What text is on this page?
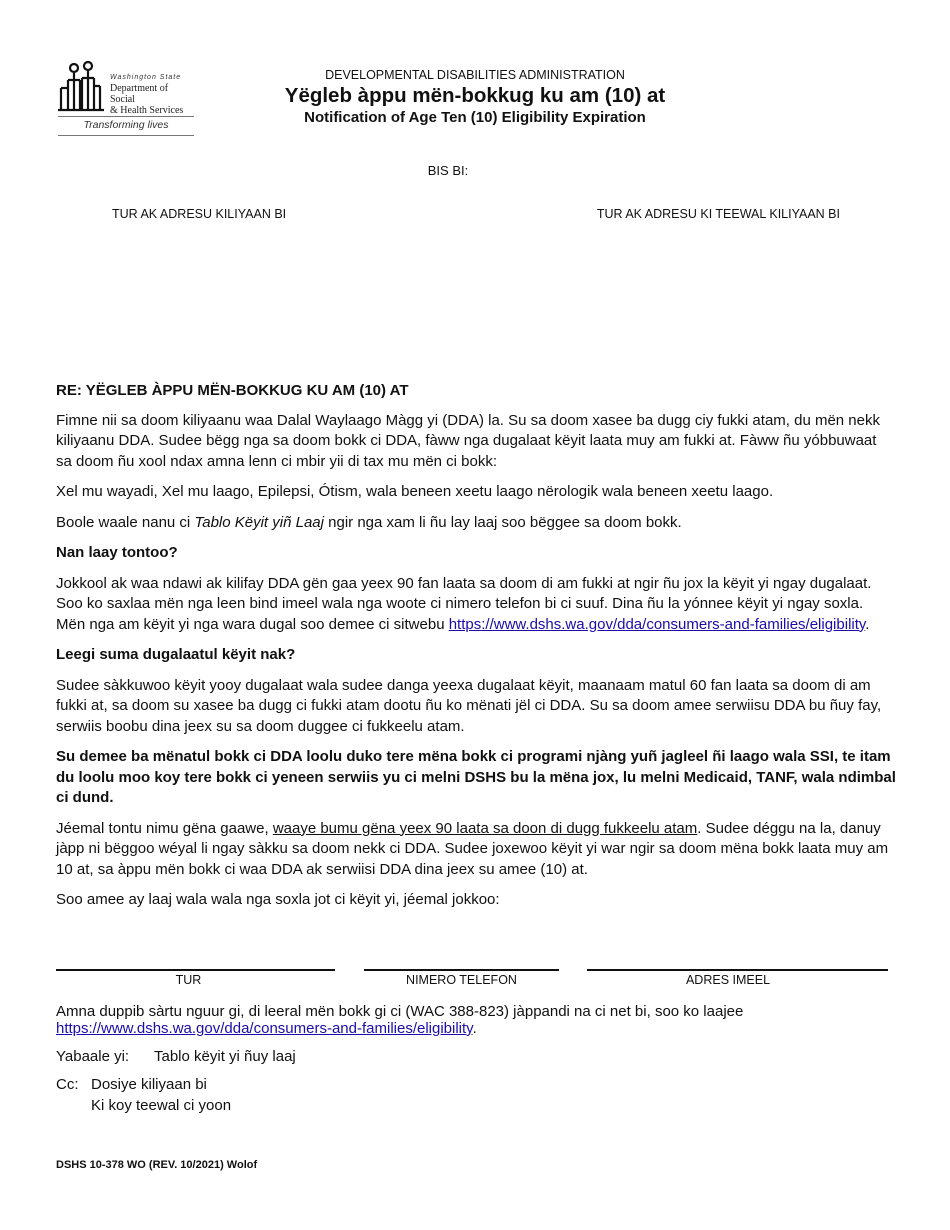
Washington State
Department of Social
& Health Services
Transforming lives
DEVELOPMENTAL DISABILITIES ADMINISTRATION
Yëgleb àppu mën-bokkug ku am (10) at
Notification of Age Ten (10) Eligibility Expiration
BIS BI:
TUR AK ADRESU KILIYAAN BI	TUR AK ADRESU KI TEEWAL KILIYAAN BI

RE: YËGLEB ÀPPU MËN-BOKKUG KU AM (10) AT

Fimne nii sa doom kiliyaanu waa Dalal Waylaago Màgg yi (DDA) la. Su sa doom xasee ba dugg ciy fukki atam, du mën nekk kiliyaanu DDA. Sudee bëgg nga sa doom bokk ci DDA, fàww nga dugalaat këyit laata muy am fukki at. Fàww ñu yóbbuwaat sa doom ñu xool ndax amna lenn ci mbir yii di tax mu mën ci bokk:

Xel mu wayadi, Xel mu laago, Epilepsi, Ótism, wala beneen xeetu laago nërologik wala beneen xeetu laago.

Boole waale nanu ci Tablo Këyit yiñ Laaj ngir nga xam li ñu lay laaj soo bëggee sa doom bokk.

Nan laay tontoo?

Jokkool ak waa ndawi ak kilifay DDA gën gaa yeex 90 fan laata sa doom di am fukki at ngir ñu jox la këyit yi ngay dugalaat. Soo ko saxlaa mën nga leen bind imeel wala nga woote ci nimero telefon bi ci suuf. Dina ñu la yónnee këyit yi ngay soxla. Mën nga am këyit yi nga wara dugal soo demee ci sitwebu https://www.dshs.wa.gov/dda/consumers-and-families/eligibility.

Leegi suma dugalaatul këyit nak?

Sudee sàkkuwoo këyit yooy dugalaat wala sudee danga yeexa dugalaat këyit, maanaam matul 60 fan laata sa doom di am fukki at, sa doom su xasee ba dugg ci fukki atam dootu ñu ko mënati jël ci DDA. Su sa doom amee serwiisu DDA bu ñuy fay, serwiis boobu dina jeex su sa doom duggee ci fukkeelu atam.

Su demee ba mënatul bokk ci DDA loolu duko tere mëna bokk ci programi njàng yuñ jagleel ñi laago wala SSI, te itam du loolu moo koy tere bokk ci yeneen serwiis yu ci melni DSHS bu la mëna jox, lu melni Medicaid, TANF, wala ndimbal ci dund.

Jéemal tontu nimu gëna gaawe, waaye bumu gëna yeex 90 laata sa doon di dugg fukkeelu atam. Sudee déggu na la, danuy jàpp ni bëggoo wéyal li ngay sàkku sa doom nekk ci DDA. Sudee joxewoo këyit yi war ngir sa doom mëna bokk laata muy am 10 at, sa àppu mën bokk ci waa DDA ak serwiisi DDA dina jeex su amee (10) at.

Soo amee ay laaj wala wala nga soxla jot ci këyit yi, jéemal jokkoo:

TUR	NIMERO TELEFON	ADRES IMEEL

Amna duppib sàrtu nguur gi, di leeral mën bokk gi ci (WAC 388-823) jàppandi na ci net bi, soo ko laajee https://www.dshs.wa.gov/dda/consumers-and-families/eligibility.

Yabaale yi: Tablo këyit yi ñuy laaj

Cc: Dosiye kiliyaan bi
Ki koy teewal ci yoon
DSHS 10-378 WO (REV. 10/2021) Wolof
